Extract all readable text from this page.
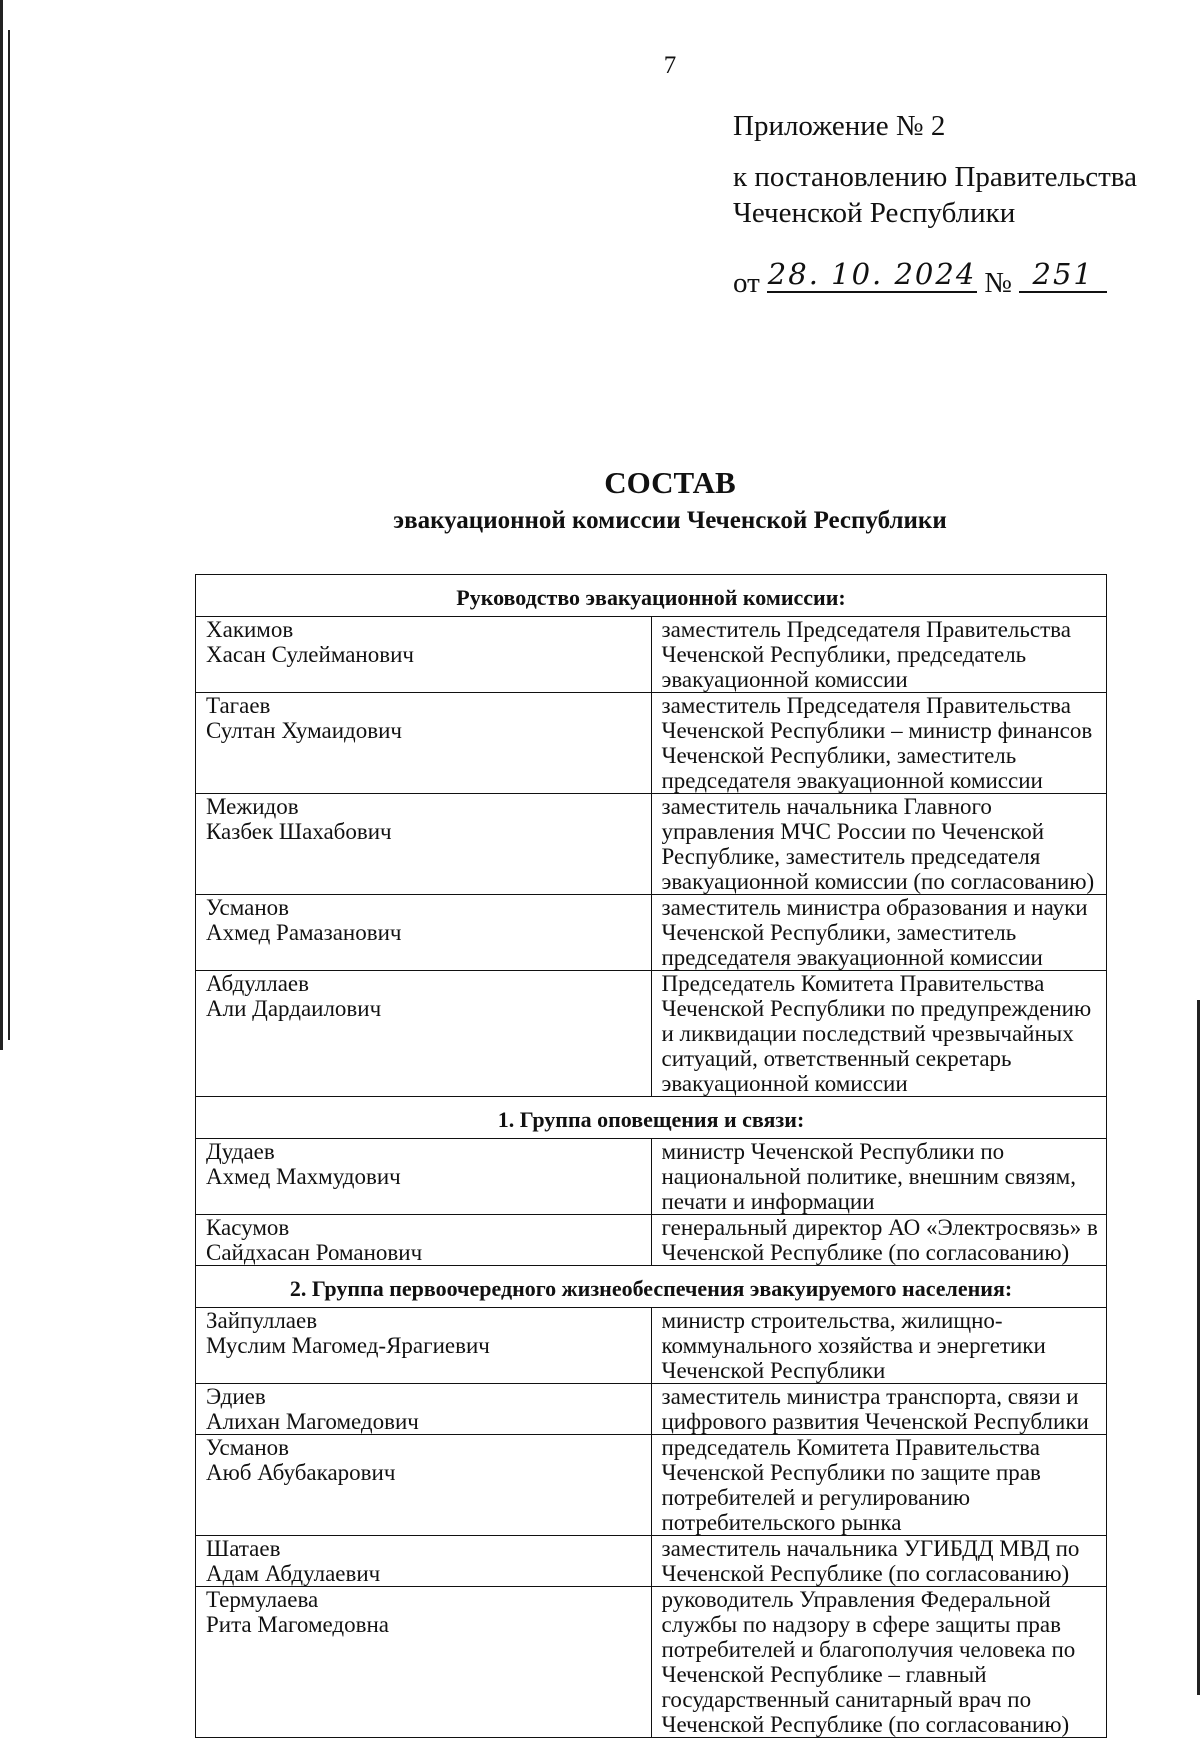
7
Приложение № 2
к постановлению Правительства
Чеченской Республики
от 28. 10. 2024 № 251
СОСТАВ
эвакуационной комиссии Чеченской Республики
Руководство эвакуационной комиссии:	

Хакимов
Хасан Сулейманович	заместитель Председателя Правительства Чеченской Республики, председатель эвакуационной комиссии

Тагаев
Султан Хумаидович	заместитель Председателя Правительства Чеченской Республики – министр финансов Чеченской Республики, заместитель председателя эвакуационной комиссии

Межидов
Казбек Шахабович	заместитель начальника Главного управления МЧС России по Чеченской Республике, заместитель председателя эвакуационной комиссии (по согласованию)

Усманов
Ахмед Рамазанович	заместитель министра образования и науки Чеченской Республики, заместитель председателя эвакуационной комиссии

Абдуллаев
Али Дардаилович	Председатель Комитета Правительства Чеченской Республики по предупреждению и ликвидации последствий чрезвычайных ситуаций, ответственный секретарь эвакуационной комиссии

1. Группа оповещения и связи:	

Дудаев
Ахмед Махмудович	министр Чеченской Республики по национальной политике, внешним связям, печати и информации

Касумов
Сайдхасан Романович	генеральный директор АО «Электросвязь» в Чеченской Республике (по согласованию)

2. Группа первоочередного жизнеобеспечения эвакуируемого населения:	

Зайпуллаев
Муслим Магомед-Ярагиевич	министр строительства, жилищно-коммунального хозяйства и энергетики Чеченской Республики

Эдиев
Алихан Магомедович	заместитель министра транспорта, связи и цифрового развития Чеченской Республики

Усманов
Аюб Абубакарович	председатель Комитета Правительства Чеченской Республики по защите прав потребителей и регулированию потребительского рынка

Шатаев
Адам Абдулаевич	заместитель начальника УГИБДД МВД по Чеченской Республике (по согласованию)

Термулаева
Рита Магомедовна	руководитель Управления Федеральной службы по надзору в сфере защиты прав потребителей и благополучия человека по Чеченской Республике – главный государственный санитарный врач по Чеченской Республике (по согласованию)
